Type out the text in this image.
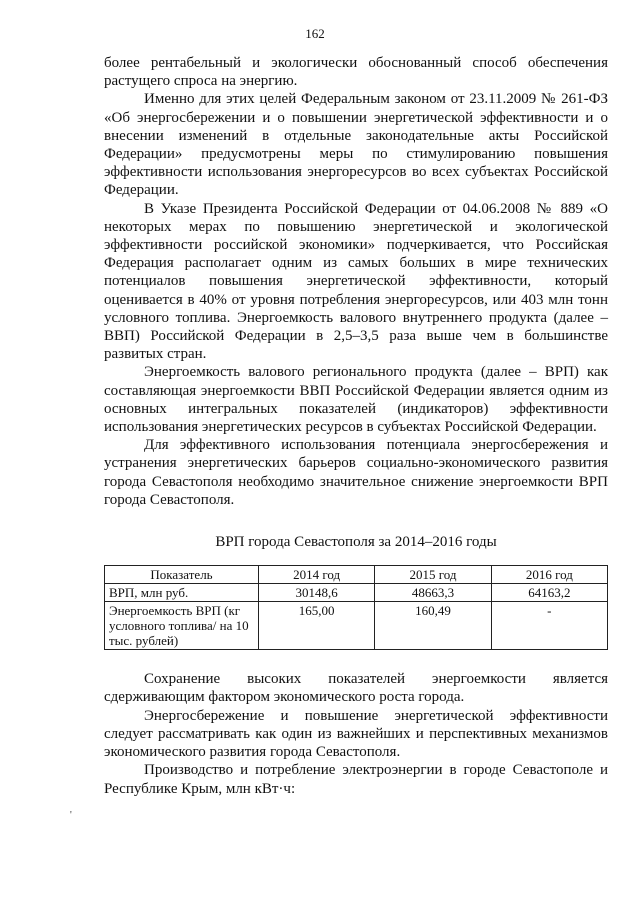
162

более рентабельный и экологически обоснованный способ обеспечения растущего спроса на энергию.

Именно для этих целей Федеральным законом от 23.11.2009 № 261-ФЗ «Об энергосбережении и о повышении энергетической эффективности и о внесении изменений в отдельные законодательные акты Российской Федерации» предусмотрены меры по стимулированию повышения эффективности использования энергоресурсов во всех субъектах Российской Федерации.

В Указе Президента Российской Федерации от 04.06.2008 № 889 «О некоторых мерах по повышению энергетической и экологической эффективности российской экономики» подчеркивается, что Российская Федерация располагает одним из самых больших в мире технических потенциалов повышения энергетической эффективности, который оценивается в 40% от уровня потребления энергоресурсов, или 403 млн тонн условного топлива. Энергоемкость валового внутреннего продукта (далее – ВВП) Российской Федерации в 2,5–3,5 раза выше чем в большинстве развитых стран.

Энергоемкость валового регионального продукта (далее – ВРП) как составляющая энергоемкости ВВП Российской Федерации является одним из основных интегральных показателей (индикаторов) эффективности использования энергетических ресурсов в субъектах Российской Федерации.

Для эффективного использования потенциала энергосбережения и устранения энергетических барьеров социально-экономического развития города Севастополя необходимо значительное снижение энергоемкости ВРП города Севастополя.

ВРП города Севастополя за 2014–2016 годы
Показатель	2014 год	2015 год	2016 год
ВРП, млн руб.	30148,6	48663,3	64163,2
Энергоемкость ВРП (кг условного топлива/ на 10 тыс. рублей)	165,00	160,49	-

Сохранение высоких показателей энергоемкости является сдерживающим фактором экономического роста города.

Энергосбережение и повышение энергетической эффективности следует рассматривать как один из важнейших и перспективных механизмов экономического развития города Севастополя.

Производство и потребление электроэнергии в городе Севастополе и Республике Крым, млн кВт·ч:

'
